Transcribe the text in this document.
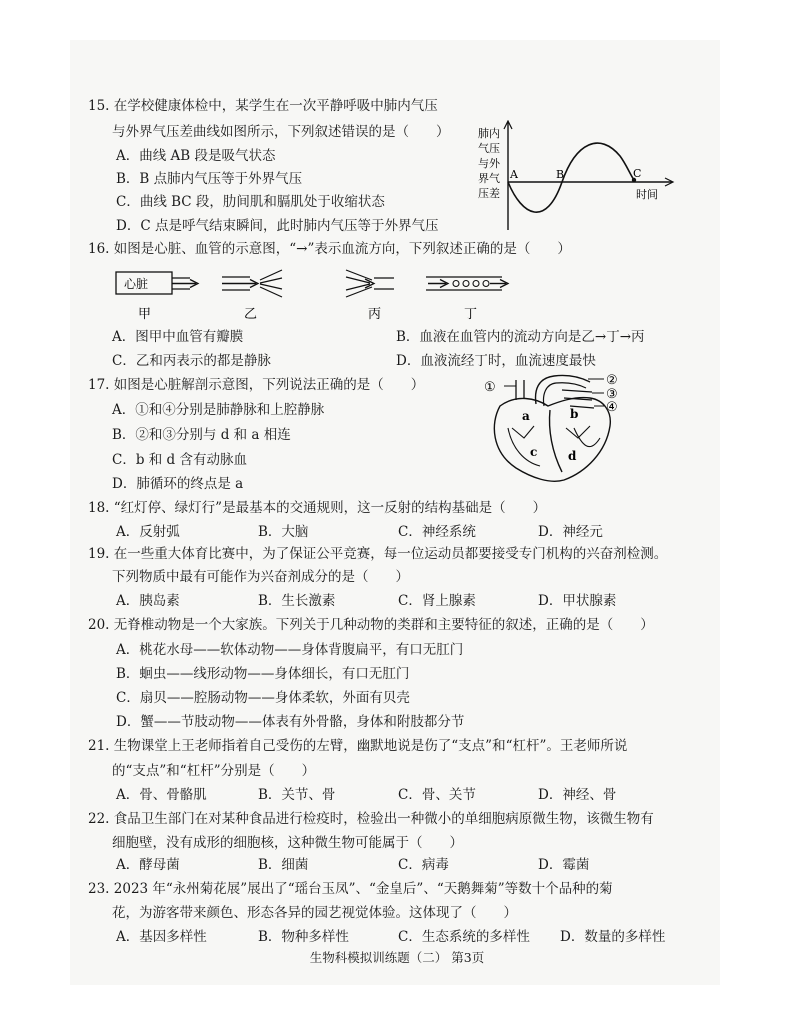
15. 在学校健康体检中，某学生在一次平静呼吸中肺内气压
与外界气压差曲线如图所示，下列叙述错误的是（　　）
A．曲线 AB 段是吸气状态
B．B 点肺内气压等于外界气压
C．曲线 BC 段，肋间肌和膈肌处于收缩状态
D．C 点是呼气结束瞬间，此时肺内气压等于外界气压
肺内
气压
与外
界气
压差
A	B	C
时间
16. 如图是心脏、血管的示意图，“→”表示血流方向，下列叙述正确的是（　　）
心脏
甲	乙	丙	丁
A．图甲中血管有瓣膜	B．血液在血管内的流动方向是乙→丁→丙
C．乙和丙表示的都是静脉	D．血液流经丁时，血流速度最快
17. 如图是心脏解剖示意图，下列说法正确的是（　　）
A．①和④分别是肺静脉和上腔静脉
B．②和③分别与 d 和 a 相连
C．b 和 d 含有动脉血
D．肺循环的终点是 a
①	②
③
④
a	b
c	d
18. “红灯停、绿灯行”是最基本的交通规则，这一反射的结构基础是（　　）
A．反射弧	B．大脑	C．神经系统	D．神经元
19. 在一些重大体育比赛中，为了保证公平竞赛，每一位运动员都要接受专门机构的兴奋剂检测。
下列物质中最有可能作为兴奋剂成分的是（　　）
A．胰岛素	B．生长激素	C．肾上腺素	D．甲状腺素
20. 无脊椎动物是一个大家族。下列关于几种动物的类群和主要特征的叙述，正确的是（　　）
A．桃花水母——软体动物——身体背腹扁平，有口无肛门
B．蛔虫——线形动物——身体细长，有口无肛门
C．扇贝——腔肠动物——身体柔软，外面有贝壳
D．蟹——节肢动物——体表有外骨骼，身体和附肢都分节
21. 生物课堂上王老师指着自己受伤的左臂，幽默地说是伤了“支点”和“杠杆”。王老师所说
的“支点”和“杠杆”分别是（　　）
A．骨、骨骼肌	B．关节、骨	C．骨、关节	D．神经、骨
22. 食品卫生部门在对某种食品进行检疫时，检验出一种微小的单细胞病原微生物，该微生物有
细胞壁，没有成形的细胞核，这种微生物可能属于（　　）
A．酵母菌	B．细菌	C．病毒	D．霉菌
23. 2023 年“永州菊花展”展出了“瑶台玉凤”、“金皇后”、“天鹅舞菊”等数十个品种的菊
花，为游客带来颜色、形态各异的园艺视觉体验。这体现了（　　）
A．基因多样性	B．物种多样性	C．生态系统的多样性 D．数量的多样性
生物科模拟训练题（二） 第3页
